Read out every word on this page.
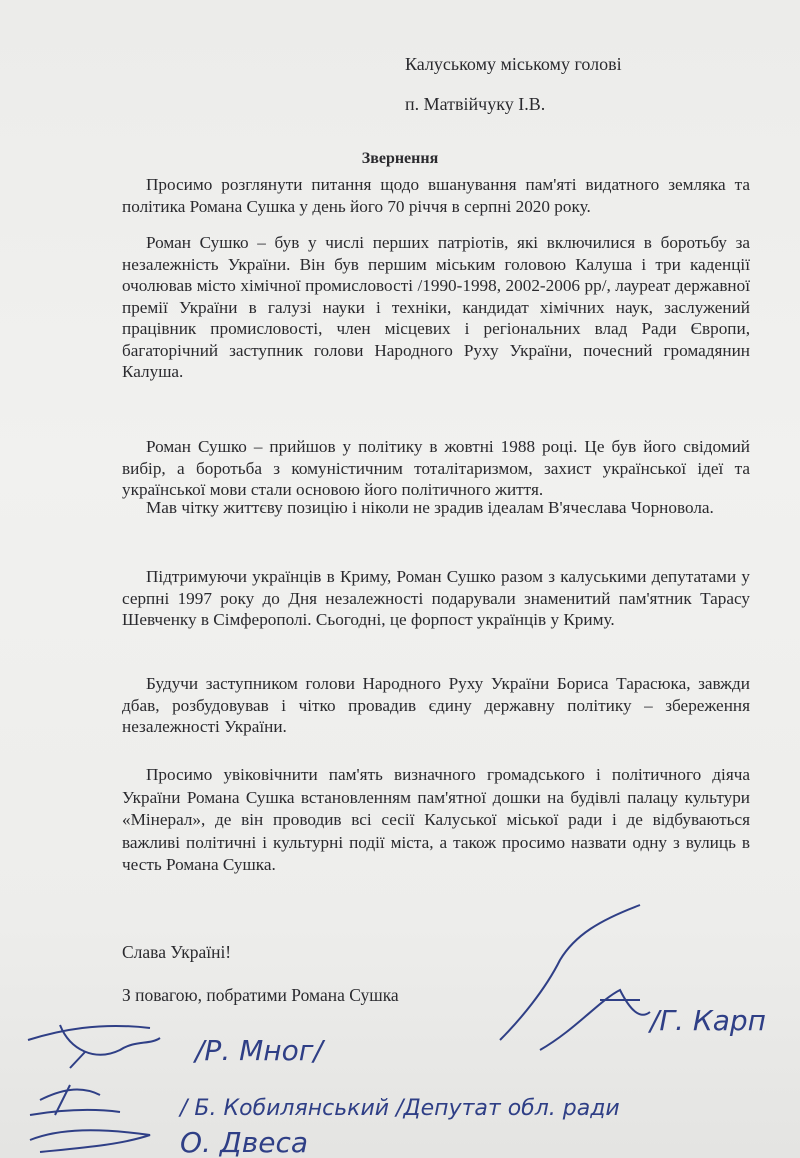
Калуському міському голові
п. Матвійчуку І.В.
Звернення

Просимо розглянути питання щодо вшанування пам'яті видатного земляка та політика Романа Сушка у день його 70 річчя в серпні 2020 року.

Роман Сушко – був у числі перших патріотів, які включилися в боротьбу за незалежність України. Він був першим міським головою Калуша і три каденції очолював місто хімічної промисловості /1990-1998, 2002-2006 рр/, лауреат державної премії України в галузі науки і техніки, кандидат хімічних наук, заслужений працівник промисловості, член місцевих і регіональних влад Ради Європи, багаторічний заступник голови Народного Руху України, почесний громадянин Калуша.

Роман Сушко – прийшов у політику в жовтні 1988 році. Це був його свідомий вибір, а боротьба з комуністичним тоталітаризмом, захист української ідеї та української мови стали основою його політичного життя.

Мав чітку життєву позицію і ніколи не зрадив ідеалам В'ячеслава Чорновола.

Підтримуючи українців в Криму, Роман Сушко разом з калуськими депутатами у серпні 1997 року до Дня незалежності подарували знаменитий пам'ятник Тарасу Шевченку в Сімферополі. Сьогодні, це форпост українців у Криму.

Будучи заступником голови Народного Руху України Бориса Тарасюка, завжди дбав, розбудовував і чітко провадив єдину державну політику – збереження незалежності України.

Просимо увіковічнити пам'ять визначного громадського і політичного діяча України Романа Сушка встановленням пам'ятної дошки на будівлі палацу культури «Мінерал», де він проводив всі сесії Калуської міської ради і де відбуваються важливі політичні і культурні події міста, а також просимо назвати одну з вулиць в честь Романа Сушка.

Слава Україні!
З повагою, побратими Романа Сушка
/Р. Мног/
/Г. Карп
/ Б. Кобилянський /Депутат обл. ради
О. Двеса
